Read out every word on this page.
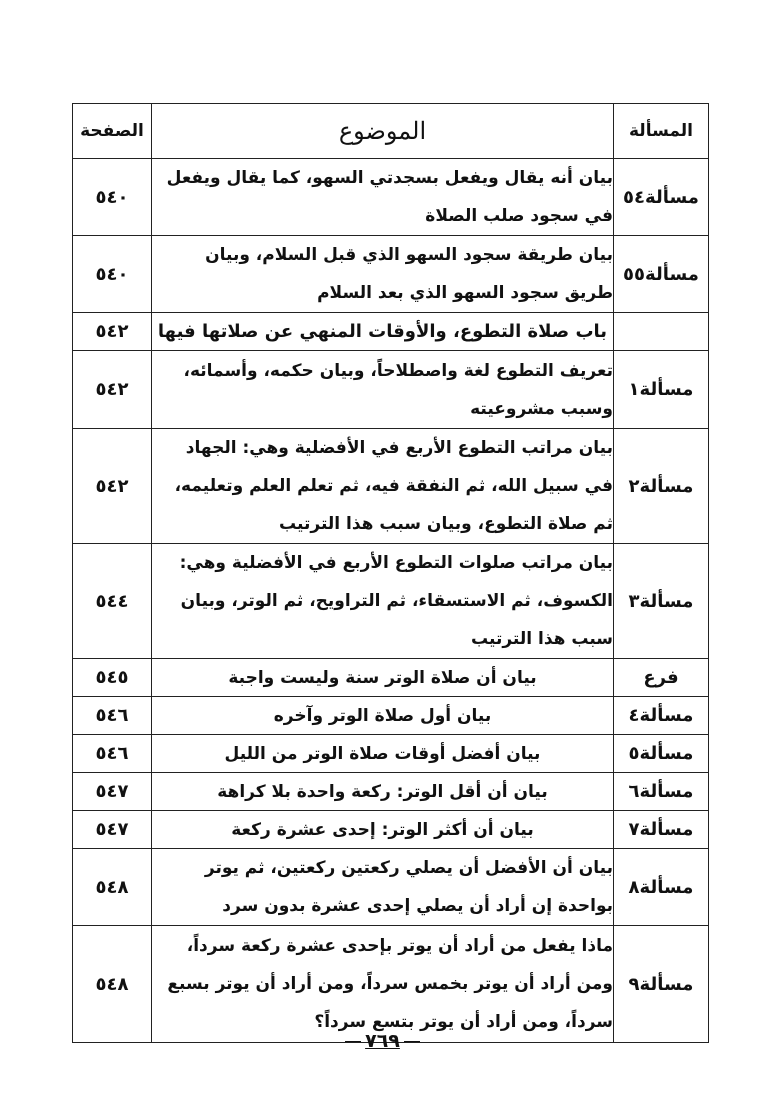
المسألة	الموضوع	الصفحة
مسألة٥٤	بيان أنه يقال ويفعل بسجدتي السهو، كما يقال ويفعل في سجود صلب الصلاة	٥٤٠
مسألة٥٥	بيان طريقة سجود السهو الذي قبل السلام، وبيان طريق سجود السهو الذي بعد السلام	٥٤٠
	باب صلاة التطوع، والأوقات المنهي عن صلاتها فيها	٥٤٢
مسألة١	تعريف التطوع لغة واصطلاحاً، وبيان حكمه، وأسمائه، وسبب مشروعيته	٥٤٢
مسألة٢	بيان مراتب التطوع الأربع في الأفضلية وهي: الجهاد في سبيل الله، ثم النفقة فيه، ثم تعلم العلم وتعليمه، ثم صلاة التطوع، وبيان سبب هذا الترتيب	٥٤٢
مسألة٣	بيان مراتب صلوات التطوع الأربع في الأفضلية وهي: الكسوف، ثم الاستسقاء، ثم التراويح، ثم الوتر، وبيان سبب هذا الترتيب	٥٤٤
فرع	بيان أن صلاة الوتر سنة وليست واجبة	٥٤٥
مسألة٤	بيان أول صلاة الوتر وآخره	٥٤٦
مسألة٥	بيان أفضل أوقات صلاة الوتر من الليل	٥٤٦
مسألة٦	بيان أن أقل الوتر: ركعة واحدة بلا كراهة	٥٤٧
مسألة٧	بيان أن أكثر الوتر: إحدى عشرة ركعة	٥٤٧
مسألة٨	بيان أن الأفضل أن يصلي ركعتين ركعتين، ثم يوتر بواحدة إن أراد أن يصلي إحدى عشرة بدون سرد	٥٤٨
مسألة٩	ماذا يفعل من أراد أن يوتر بإحدى عشرة ركعة سرداً، ومن أراد أن يوتر بخمس سرداً، ومن أراد أن يوتر بسبع سرداً، ومن أراد أن يوتر بتسع سرداً؟	٥٤٨
٧٦٩
